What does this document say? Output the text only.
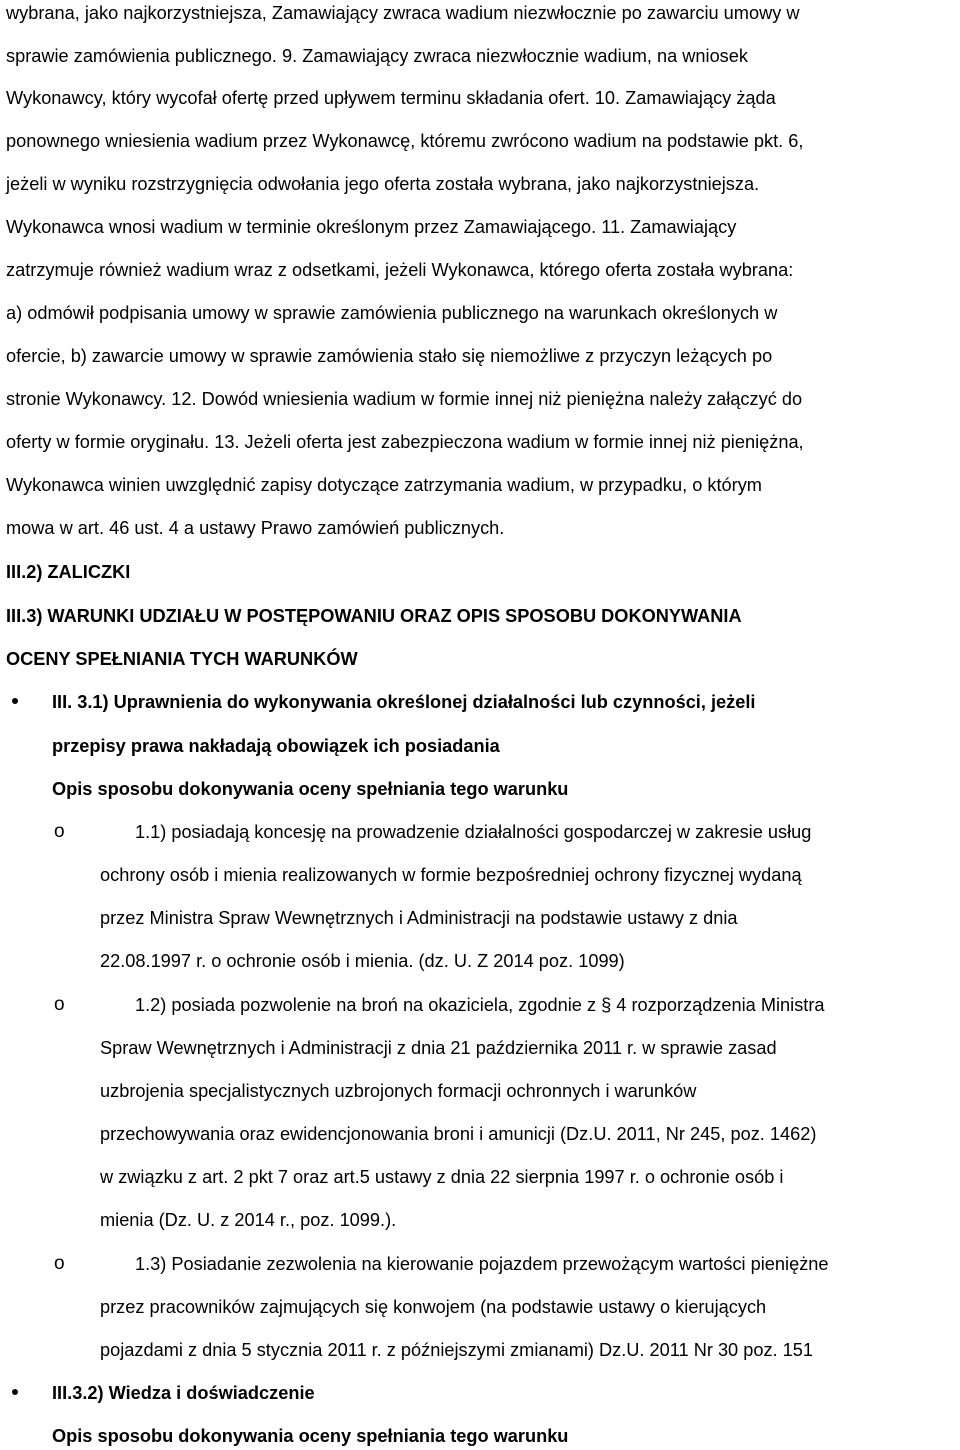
wybrana, jako najkorzystniejsza, Zamawiający zwraca wadium niezwłocznie po zawarciu umowy w
sprawie zamówienia publicznego. 9. Zamawiający zwraca niezwłocznie wadium, na wniosek
Wykonawcy, który wycofał ofertę przed upływem terminu składania ofert. 10. Zamawiający żąda
ponownego wniesienia wadium przez Wykonawcę, któremu zwrócono wadium na podstawie pkt. 6,
jeżeli w wyniku rozstrzygnięcia odwołania jego oferta została wybrana, jako najkorzystniejsza.
Wykonawca wnosi wadium w terminie określonym przez Zamawiającego. 11. Zamawiający
zatrzymuje również wadium wraz z odsetkami, jeżeli Wykonawca, którego oferta została wybrana:
a) odmówił podpisania umowy w sprawie zamówienia publicznego na warunkach określonych w
ofercie, b) zawarcie umowy w sprawie zamówienia stało się niemożliwe z przyczyn leżących po
stronie Wykonawcy. 12. Dowód wniesienia wadium w formie innej niż pieniężna należy załączyć do
oferty w formie oryginału. 13. Jeżeli oferta jest zabezpieczona wadium w formie innej niż pieniężna,
Wykonawca winien uwzględnić zapisy dotyczące zatrzymania wadium, w przypadku, o którym
mowa w art. 46 ust. 4 a ustawy Prawo zamówień publicznych.
III.2) ZALICZKI
III.3) WARUNKI UDZIAŁU W POSTĘPOWANIU ORAZ OPIS SPOSOBU DOKONYWANIA
OCENY SPEŁNIANIA TYCH WARUNKÓW
III. 3.1) Uprawnienia do wykonywania określonej działalności lub czynności, jeżeli
przepisy prawa nakładają obowiązek ich posiadania
Opis sposobu dokonywania oceny spełniania tego warunku
o	1.1) posiadają koncesję na prowadzenie działalności gospodarczej w zakresie usług
ochrony osób i mienia realizowanych w formie bezpośredniej ochrony fizycznej wydaną
przez Ministra Spraw Wewnętrznych i Administracji na podstawie ustawy z dnia
22.08.1997 r. o ochronie osób i mienia. (dz. U. Z 2014 poz. 1099)
o	1.2) posiada pozwolenie na broń na okaziciela, zgodnie z § 4 rozporządzenia Ministra
Spraw Wewnętrznych i Administracji z dnia 21 października 2011 r. w sprawie zasad
uzbrojenia specjalistycznych uzbrojonych formacji ochronnych i warunków
przechowywania oraz ewidencjonowania broni i amunicji (Dz.U. 2011, Nr 245, poz. 1462)
w związku z art. 2 pkt 7 oraz art.5 ustawy z dnia 22 sierpnia 1997 r. o ochronie osób i
mienia (Dz. U. z 2014 r., poz. 1099.).
o	1.3) Posiadanie zezwolenia na kierowanie pojazdem przewożącym wartości pieniężne
przez pracowników zajmujących się konwojem (na podstawie ustawy o kierujących
pojazdami z dnia 5 stycznia 2011 r. z późniejszymi zmianami) Dz.U. 2011 Nr 30 poz. 151
III.3.2) Wiedza i doświadczenie
Opis sposobu dokonywania oceny spełniania tego warunku
